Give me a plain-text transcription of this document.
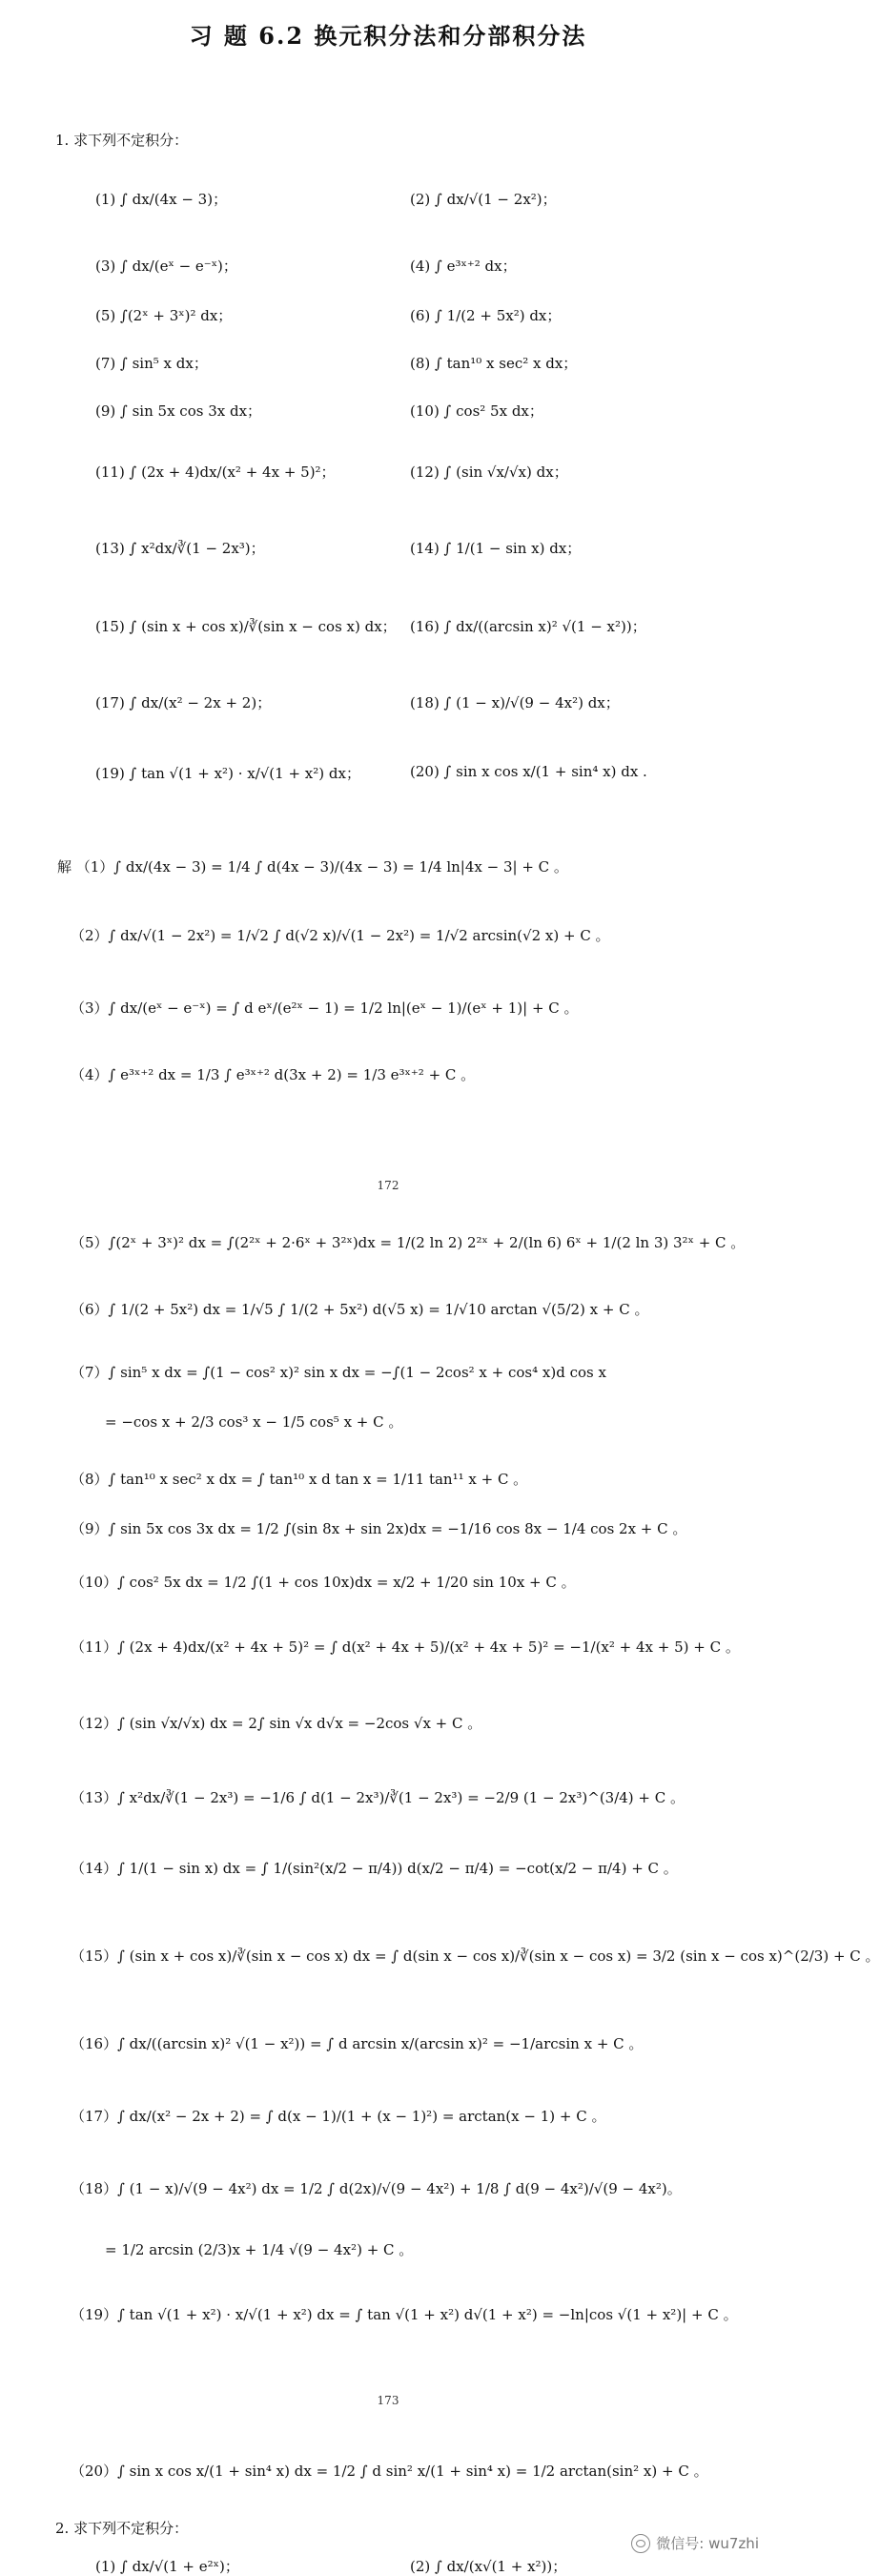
习 题 6.2 换元积分法和分部积分法
1. 求下列不定积分：
(1) ∫ dx/(4x − 3)；	(2) ∫ dx/√(1 − 2x²)；
(3) ∫ dx/(eˣ − e⁻ˣ)；	(4) ∫ e³ˣ⁺² dx；
(5) ∫(2ˣ + 3ˣ)² dx；	(6) ∫ 1/(2 + 5x²) dx；
(7) ∫ sin⁵ x dx；	(8) ∫ tan¹⁰ x sec² x dx；
(9) ∫ sin 5x cos 3x dx；	(10) ∫ cos² 5x dx；
(11) ∫ (2x + 4)dx/(x² + 4x + 5)²；	(12) ∫ (sin √x/√x) dx；
(13) ∫ x²dx/∛(1 − 2x³)；	(14) ∫ 1/(1 − sin x) dx；
(15) ∫ (sin x + cos x)/∛(sin x − cos x) dx； (16) ∫ dx/((arcsin x)² √(1 − x²))；
(17) ∫ dx/(x² − 2x + 2)；	(18) ∫ (1 − x)/√(9 − 4x²) dx；
(19) ∫ tan √(1 + x²) · x/√(1 + x²) dx；	(20) ∫ sin x cos x/(1 + sin⁴ x) dx .
解 （1）∫ dx/(4x − 3) = 1/4 ∫ d(4x − 3)/(4x − 3) = 1/4 ln|4x − 3| + C 。
（2）∫ dx/√(1 − 2x²) = 1/√2 ∫ d(√2 x)/√(1 − 2x²) = 1/√2 arcsin(√2 x) + C 。
（3）∫ dx/(eˣ − e⁻ˣ) = ∫ d eˣ/(e²ˣ − 1) = 1/2 ln|(eˣ − 1)/(eˣ + 1)| + C 。
（4）∫ e³ˣ⁺² dx = 1/3 ∫ e³ˣ⁺² d(3x + 2) = 1/3 e³ˣ⁺² + C 。
172
（5）∫(2ˣ + 3ˣ)² dx = ∫(2²ˣ + 2·6ˣ + 3²ˣ)dx = 1/(2 ln 2) 2²ˣ + 2/(ln 6) 6ˣ + 1/(2 ln 3) 3²ˣ + C 。
（6）∫ 1/(2 + 5x²) dx = 1/√5 ∫ 1/(2 + 5x²) d(√5 x) = 1/√10 arctan √(5/2) x + C 。
（7）∫ sin⁵ x dx = ∫(1 − cos² x)² sin x dx = −∫(1 − 2cos² x + cos⁴ x)d cos x
= −cos x + 2/3 cos³ x − 1/5 cos⁵ x + C 。
（8）∫ tan¹⁰ x sec² x dx = ∫ tan¹⁰ x d tan x = 1/11 tan¹¹ x + C 。
（9）∫ sin 5x cos 3x dx = 1/2 ∫(sin 8x + sin 2x)dx = −1/16 cos 8x − 1/4 cos 2x + C 。
（10）∫ cos² 5x dx = 1/2 ∫(1 + cos 10x)dx = x/2 + 1/20 sin 10x + C 。
（11）∫ (2x + 4)dx/(x² + 4x + 5)² = ∫ d(x² + 4x + 5)/(x² + 4x + 5)² = −1/(x² + 4x + 5) + C 。
（12）∫ (sin √x/√x) dx = 2∫ sin √x d√x = −2cos √x + C 。
（13）∫ x²dx/∛(1 − 2x³) = −1/6 ∫ d(1 − 2x³)/∛(1 − 2x³) = −2/9 (1 − 2x³)^(3/4) + C 。
（14）∫ 1/(1 − sin x) dx = ∫ 1/(sin²(x/2 − π/4)) d(x/2 − π/4) = −cot(x/2 − π/4) + C 。
（15）∫ (sin x + cos x)/∛(sin x − cos x) dx = ∫ d(sin x − cos x)/∛(sin x − cos x) = 3/2 (sin x − cos x)^(2/3) + C 。
（16）∫ dx/((arcsin x)² √(1 − x²)) = ∫ d arcsin x/(arcsin x)² = −1/arcsin x + C 。
（17）∫ dx/(x² − 2x + 2) = ∫ d(x − 1)/(1 + (x − 1)²) = arctan(x − 1) + C 。
（18）∫ (1 − x)/√(9 − 4x²) dx = 1/2 ∫ d(2x)/√(9 − 4x²) + 1/8 ∫ d(9 − 4x²)/√(9 − 4x²)。
= 1/2 arcsin (2/3)x + 1/4 √(9 − 4x²) + C 。
（19）∫ tan √(1 + x²) · x/√(1 + x²) dx = ∫ tan √(1 + x²) d√(1 + x²) = −ln|cos √(1 + x²)| + C 。
173
（20）∫ sin x cos x/(1 + sin⁴ x) dx = 1/2 ∫ d sin² x/(1 + sin⁴ x) = 1/2 arctan(sin² x) + C 。
2. 求下列不定积分：
(1) ∫ dx/√(1 + e²ˣ)；	(2) ∫ dx/(x√(1 + x²))；
微信号: wu7zhi
